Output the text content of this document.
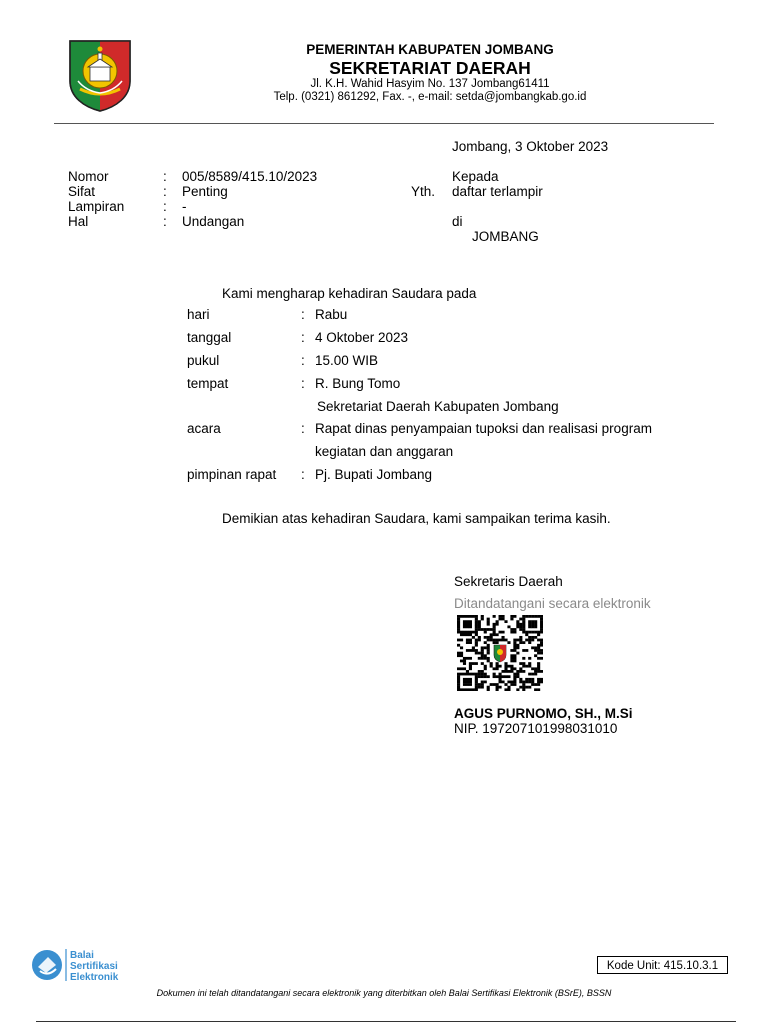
PEMERINTAH KABUPATEN JOMBANG
SEKRETARIAT DAERAH
Jl. K.H. Wahid Hasyim No. 137 Jombang61411
Telp. (0321) 861292, Fax. -, e-mail: setda@jombangkab.go.id
Jombang, 3 Oktober 2023
Nomor	: 005/8589/415.10/2023
Sifat	: Penting
Lampiran	: -
Hal	: Undangan
Kepada
Yth. daftar terlampir
di
JOMBANG
Kami mengharap kehadiran Saudara pada
hari	: Rabu
tanggal	: 4 Oktober 2023
pukul	: 15.00 WIB
tempat	: R. Bung Tomo
Sekretariat Daerah Kabupaten Jombang
acara	: Rapat dinas penyampaian tupoksi dan realisasi program
kegiatan dan anggaran
pimpinan rapat : Pj. Bupati Jombang
Demikian atas kehadiran Saudara, kami sampaikan terima kasih.
Sekretaris Daerah
Ditandatangani secara elektronik
AGUS PURNOMO, SH., M.Si
NIP. 197207101998031010
Balai
Sertifikasi
Elektronik
Kode Unit: 415.10.3.1
Dokumen ini telah ditandatangani secara elektronik yang diterbitkan oleh Balai Sertifikasi Elektronik (BSrE), BSSN
